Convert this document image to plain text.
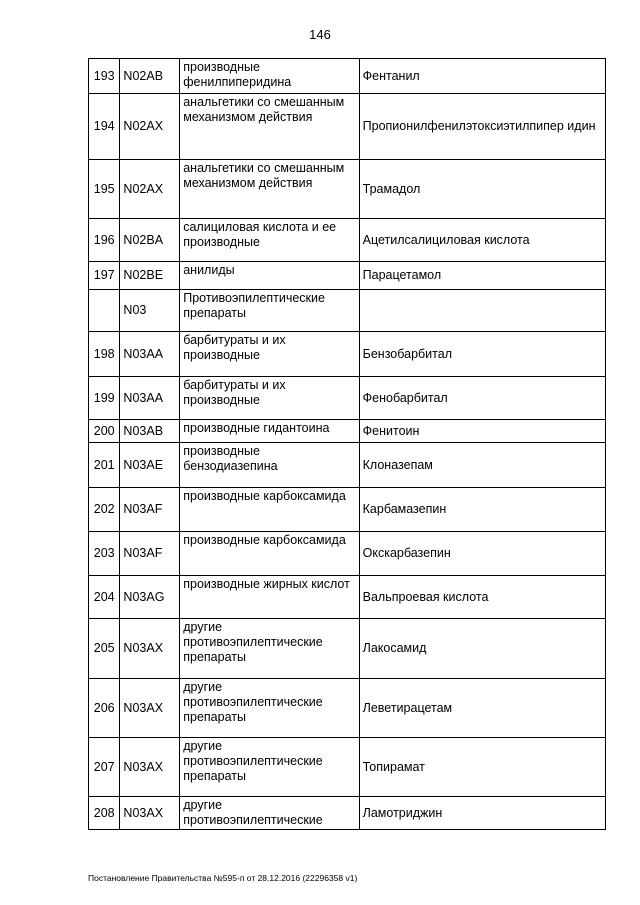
146
193	N02AB	производные фенилпиперидина	Фентанил
194	N02AX	анальгетики со смешанным механизмом действия	Пропионилфенилэтоксиэтилпипер идин
195	N02AX	анальгетики со смешанным механизмом действия	Трамадол
196	N02BA	салициловая кислота и ее производные	Ацетилсалициловая кислота
197	N02BE	анилиды	Парацетамол
	N03	Противоэпилептические препараты	
198	N03AA	барбитураты и их производные	Бензобарбитал
199	N03AA	барбитураты и их производные	Фенобарбитал
200	N03AB	производные гидантоина	Фенитоин
201	N03AE	производные бензодиазепина	Клоназепам
202	N03AF	производные карбоксамида	Карбамазепин
203	N03AF	производные карбоксамида	Окскарбазепин
204	N03AG	производные жирных кислот	Вальпроевая кислота
205	N03AX	другие противоэпилептические препараты	Лакосамид
206	N03AX	другие противоэпилептические препараты	Леветирацетам
207	N03AX	другие противоэпилептические препараты	Топирамат
208	N03AX	другие противоэпилептические	Ламотриджин
Постановление Правительства №595-п от 28.12.2016 (22296358 v1)
